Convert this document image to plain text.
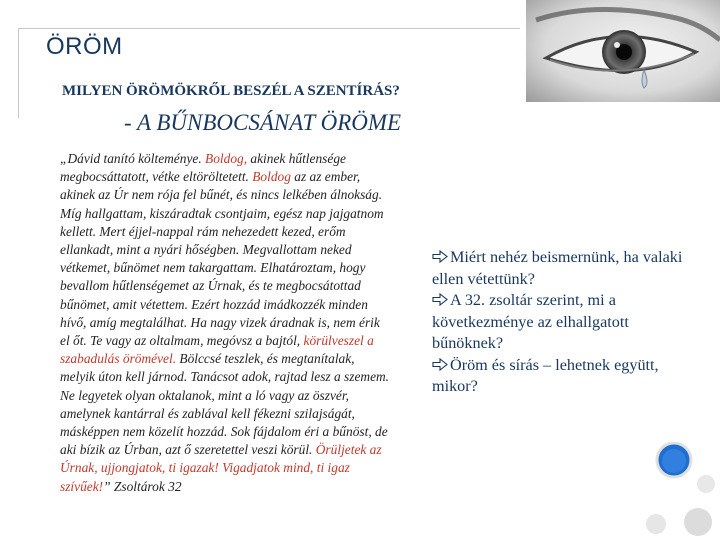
ÖRÖM
MILYEN ÖRÖMÖKRŐL BESZÉL A SZENTÍRÁS?
- A BŰNBOCSÁNAT ÖRÖME

„Dávid tanító költeménye. Boldog, akinek hűtlensége
megbocsáttatott, vétke eltöröltetett. Boldog az az ember,
akinek az Úr nem rója fel bűnét, és nincs lelkében álnokság.
Míg hallgattam, kiszáradtak csontjaim, egész nap jajgatnom
kellett. Mert éjjel-nappal rám nehezedett kezed, erőm
ellankadt, mint a nyári hőségben. Megvallottam neked
vétkemet, bűnömet nem takargattam. Elhatároztam, hogy
bevallom hűtlenségemet az Úrnak, és te megbocsátottad
bűnömet, amit vétettem. Ezért hozzád imádkozzék minden
hívő, amíg megtalálhat. Ha nagy vizek áradnak is, nem érik
el őt. Te vagy az oltalmam, megóvsz a bajtól, körülveszel a
szabadulás örömével. Bölccsé teszlek, és megtanítalak,
melyik úton kell járnod. Tanácsot adok, rajtad lesz a szemem.
Ne legyetek olyan oktalanok, mint a ló vagy az öszvér,
amelynek kantárral és zablával kell fékezni szilajságát,
másképpen nem közelít hozzád. Sok fájdalom éri a bűnöst, de
aki bízik az Úrban, azt ő szeretettel veszi körül. Örüljetek az
Úrnak, ujjongjatok, ti igazak! Vigadjatok mind, ti igaz
szívűek!” Zsoltárok 32

Miért nehéz beismernünk, ha valaki ellen vétettünk?
A 32. zsoltár szerint, mi a következménye az elhallgatott bűnöknek?
Öröm és sírás – lehetnek együtt, mikor?
